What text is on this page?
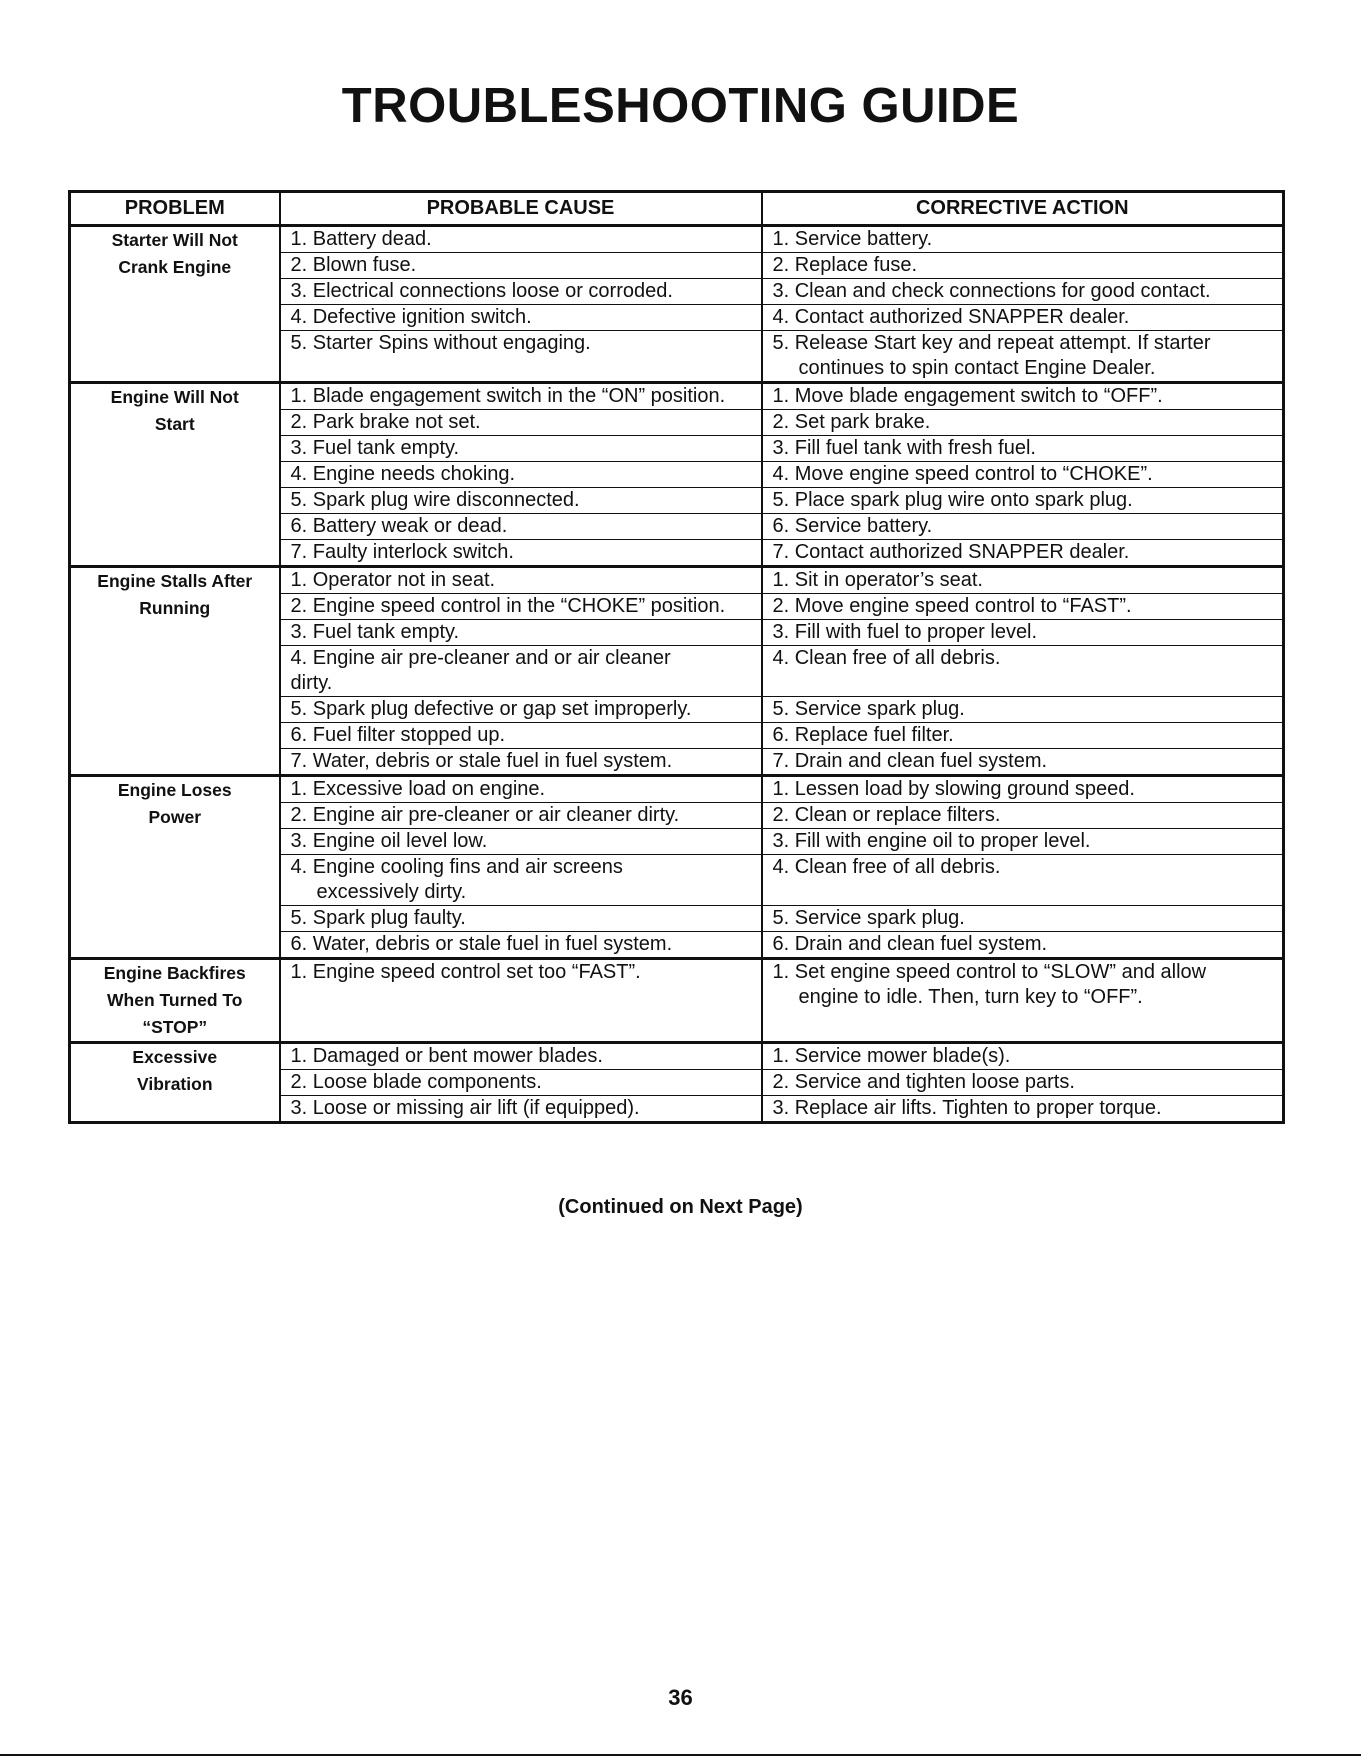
TROUBLESHOOTING GUIDE
PROBLEM	PROBABLE CAUSE	CORRECTIVE ACTION

Starter Will Not
Crank Engine	1. Battery dead.	1. Service battery.

	2. Blown fuse.	2. Replace fuse.

	3. Electrical connections loose or corroded.	3. Clean and check connections for good contact.

	4. Defective ignition switch.	4. Contact authorized SNAPPER dealer.

	5. Starter Spins without engaging.	5. Release Start key and repeat attempt. If starter
continues to spin contact Engine Dealer.

Engine Will Not
Start	1. Blade engagement switch in the “ON” position.	1. Move blade engagement switch to “OFF”.

	2. Park brake not set.	2. Set park brake.

	3. Fuel tank empty.	3. Fill fuel tank with fresh fuel.

	4. Engine needs choking.	4. Move engine speed control to “CHOKE”.

	5. Spark plug wire disconnected.	5. Place spark plug wire onto spark plug.

	6. Battery weak or dead.	6. Service battery.

	7. Faulty interlock switch.	7. Contact authorized SNAPPER dealer.

Engine Stalls After
Running	1. Operator not in seat.	1. Sit in operator’s seat.

	2. Engine speed control in the “CHOKE” position.	2. Move engine speed control to “FAST”.

	3. Fuel tank empty.	3. Fill with fuel to proper level.

	4. Engine air pre-cleaner and or air cleaner
dirty.	4. Clean free of all debris.

	5. Spark plug defective or gap set improperly.	5. Service spark plug.

	6. Fuel filter stopped up.	6. Replace fuel filter.

	7. Water, debris or stale fuel in fuel system.	7. Drain and clean fuel system.

Engine Loses
Power	1. Excessive load on engine.	1. Lessen load by slowing ground speed.

	2. Engine air pre-cleaner or air cleaner dirty.	2. Clean or replace filters.

	3. Engine oil level low.	3. Fill with engine oil to proper level.

	4. Engine cooling fins and air screens
excessively dirty.	4. Clean free of all debris.

	5. Spark plug faulty.	5. Service spark plug.

	6. Water, debris or stale fuel in fuel system.	6. Drain and clean fuel system.

Engine Backfires
When Turned To
“STOP”	1. Engine speed control set too “FAST”.	1. Set engine speed control to “SLOW” and allow
engine to idle. Then, turn key to “OFF”.

Excessive
Vibration	1. Damaged or bent mower blades.	1. Service mower blade(s).

	2. Loose blade components.	2. Service and tighten loose parts.

	3. Loose or missing air lift (if equipped).	3. Replace air lifts. Tighten to proper torque.
(Continued on Next Page)
36
